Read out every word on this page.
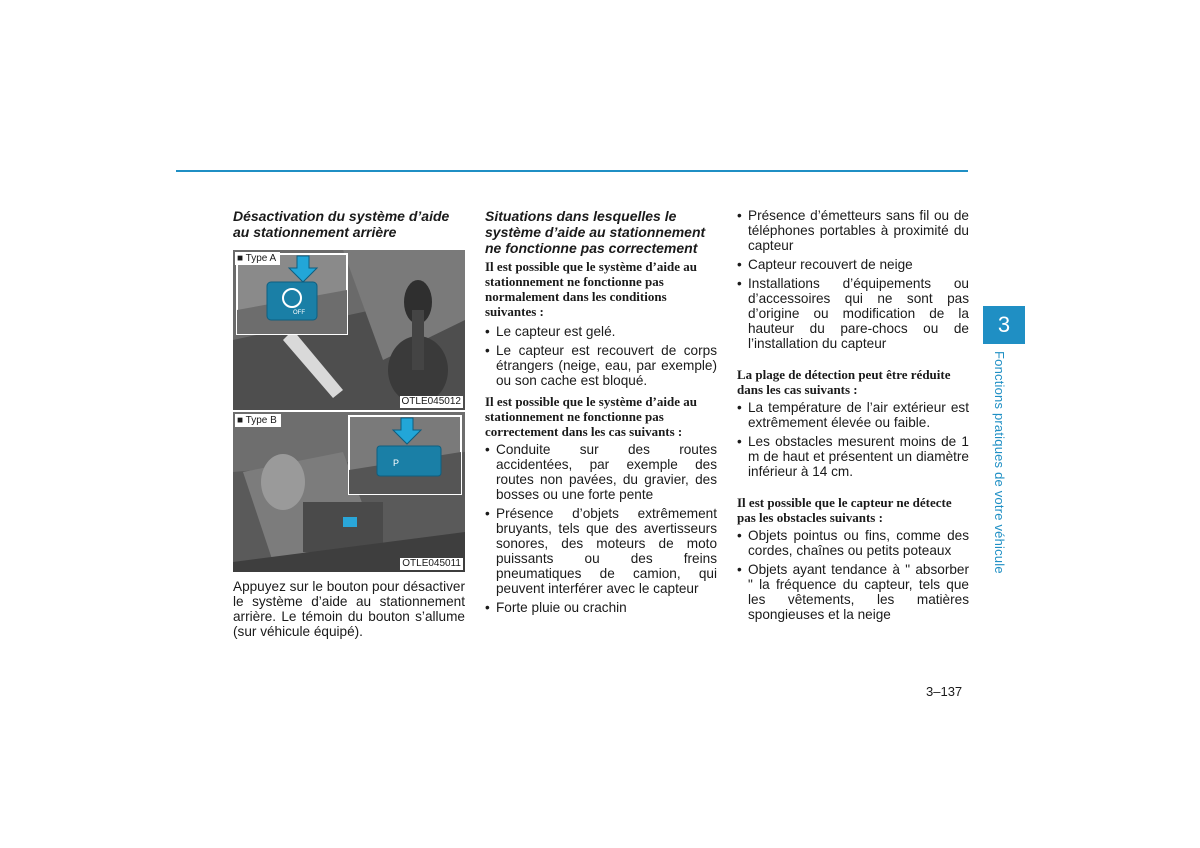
Désactivation du système d’aide au stationnement arrière
OFF
■ Type A
OTLE045012
P
■ Type B
OTLE045011

Appuyez sur le bouton pour désactiver le système d’aide au stationnement arrière. Le témoin du bouton s’allume (sur véhicule équipé).

Situations dans lesquelles le système d’aide au stationnement ne fonctionne pas correctement

Il est possible que le système d’aide au stationnement ne fonctionne pas normalement dans les conditions suivantes :

• Le capteur est gelé.
• Le capteur est recouvert de corps étrangers (neige, eau, par exemple) ou son cache est bloqué.

Il est possible que le système d’aide au stationnement ne fonctionne pas correctement dans les cas suivants :

• Conduite sur des routes accidentées, par exemple des routes non pavées, du gravier, des bosses ou une forte pente
• Présence d’objets extrêmement bruyants, tels que des avertisseurs sonores, des moteurs de moto puissants ou des freins pneumatiques de camion, qui peuvent interférer avec le capteur
• Forte pluie ou crachin
• Présence d’émetteurs sans fil ou de téléphones portables à proximité du capteur
• Capteur recouvert de neige
• Installations d’équipements ou d’accessoires qui ne sont pas d’origine ou modification de la hauteur du pare-chocs ou de l’installation du capteur

La plage de détection peut être réduite dans les cas suivants :

• La température de l’air extérieur est extrêmement élevée ou faible.
• Les obstacles mesurent moins de 1 m de haut et présentent un diamètre inférieur à 14 cm.

Il est possible que le capteur ne détecte pas les obstacles suivants :

• Objets pointus ou fins, comme des cordes, chaînes ou petits poteaux
• Objets ayant tendance à " absorber " la fréquence du capteur, tels que les vêtements, les matières spongieuses et la neige
3
Fonctions pratiques de votre véhicule
3–137
